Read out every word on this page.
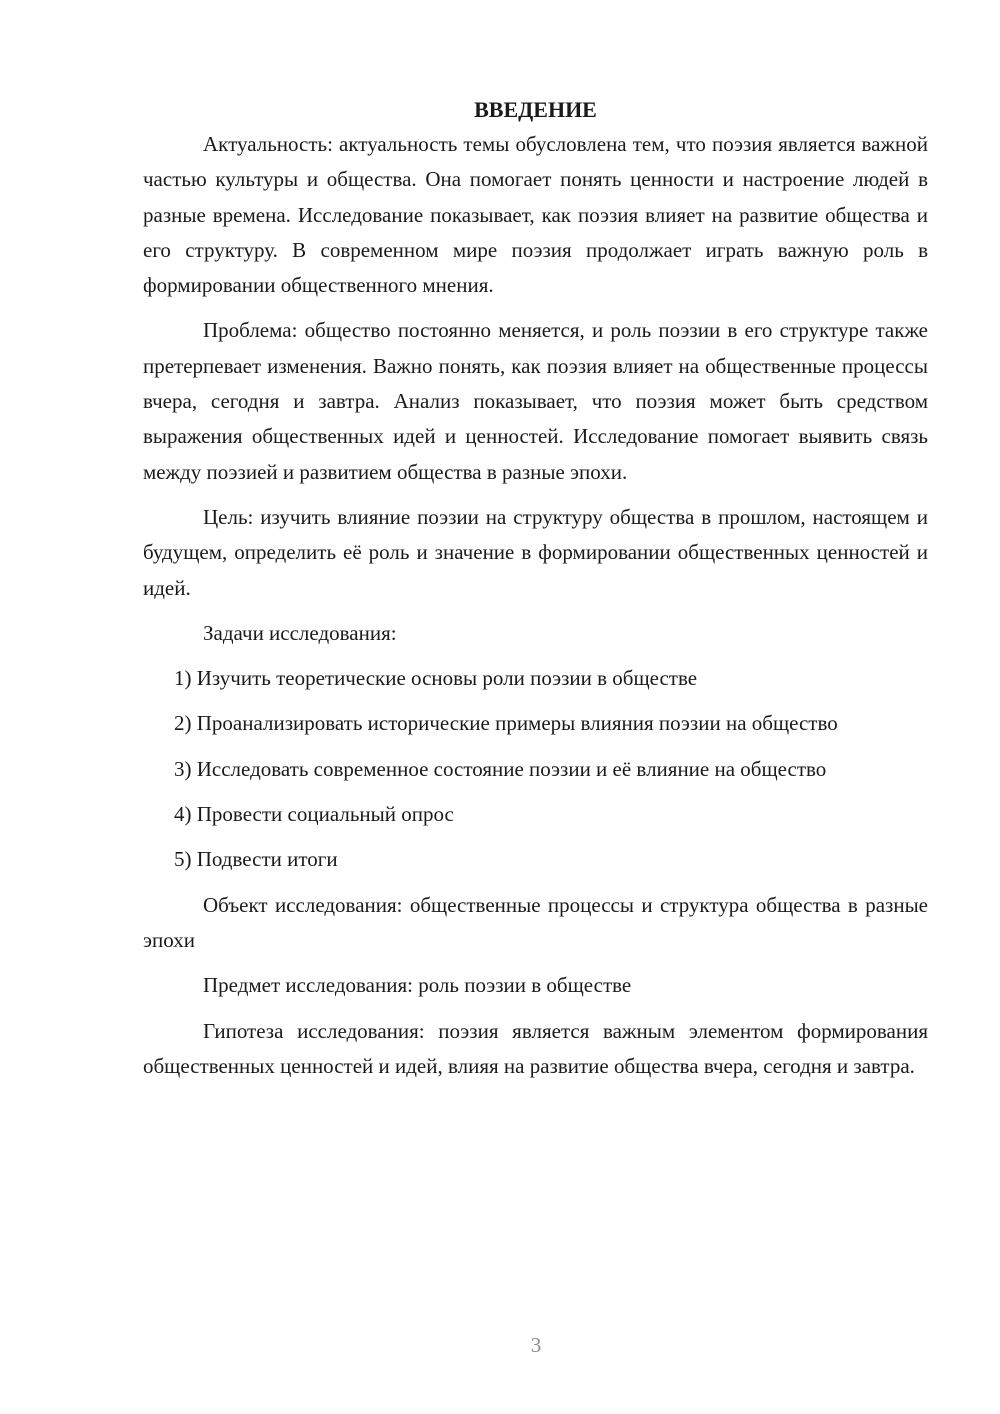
ВВЕДЕНИЕ

Актуальность: актуальность темы обусловлена тем, что поэзия является важной частью культуры и общества. Она помогает понять ценности и настроение людей в разные времена. Исследование показывает, как поэзия влияет на развитие общества и его структуру. В современном мире поэзия продолжает играть важную роль в формировании общественного мнения.

Проблема: общество постоянно меняется, и роль поэзии в его структуре также претерпевает изменения. Важно понять, как поэзия влияет на общественные процессы вчера, сегодня и завтра. Анализ показывает, что поэзия может быть средством выражения общественных идей и ценностей. Исследование помогает выявить связь между поэзией и развитием общества в разные эпохи.

Цель: изучить влияние поэзии на структуру общества в прошлом, настоящем и будущем, определить её роль и значение в формировании общественных ценностей и идей.

Задачи исследования:

1) Изучить теоретические основы роли поэзии в обществе

2) Проанализировать исторические примеры влияния поэзии на общество

3) Исследовать современное состояние поэзии и её влияние на общество

4) Провести социальный опрос

5) Подвести итоги

Объект исследования: общественные процессы и структура общества в разные эпохи

Предмет исследования: роль поэзии в обществе

Гипотеза исследования: поэзия является важным элементом формирования общественных ценностей и идей, влияя на развитие общества вчера, сегодня и завтра.

3
